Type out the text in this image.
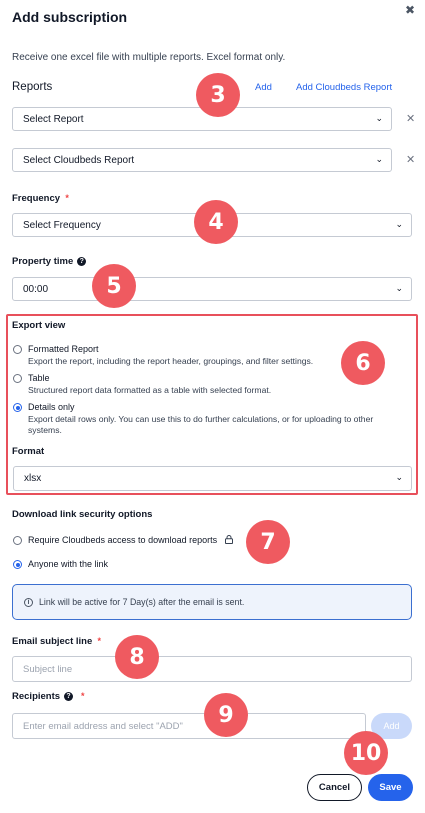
Add subscription	✖
Receive one excel file with multiple reports. Excel format only.
Reports	Add	Add Cloudbeds Report
Select Report	⌄ ✕
Select Cloudbeds Report	⌄ ✕
Frequency *
Select Frequency	⌄
Property time ?
00:00	⌄
Export view
Formatted Report
Export the report, including the report header, groupings, and filter settings.
Table
Structured report data formatted as a table with selected format.
Details only
Export detail rows only. You can use this to do further calculations, or for uploading to other
systems.
Format
xlsx	⌄
Download link security options
Require Cloudbeds access to download reports
Anyone with the link
i	Link will be active for 7 Day(s) after the email is sent.
Email subject line *
Subject line
Recipients ? *
Enter email address and select "ADD"	Add
Cancel	Save
3
4
5
6
7
8
9
10
